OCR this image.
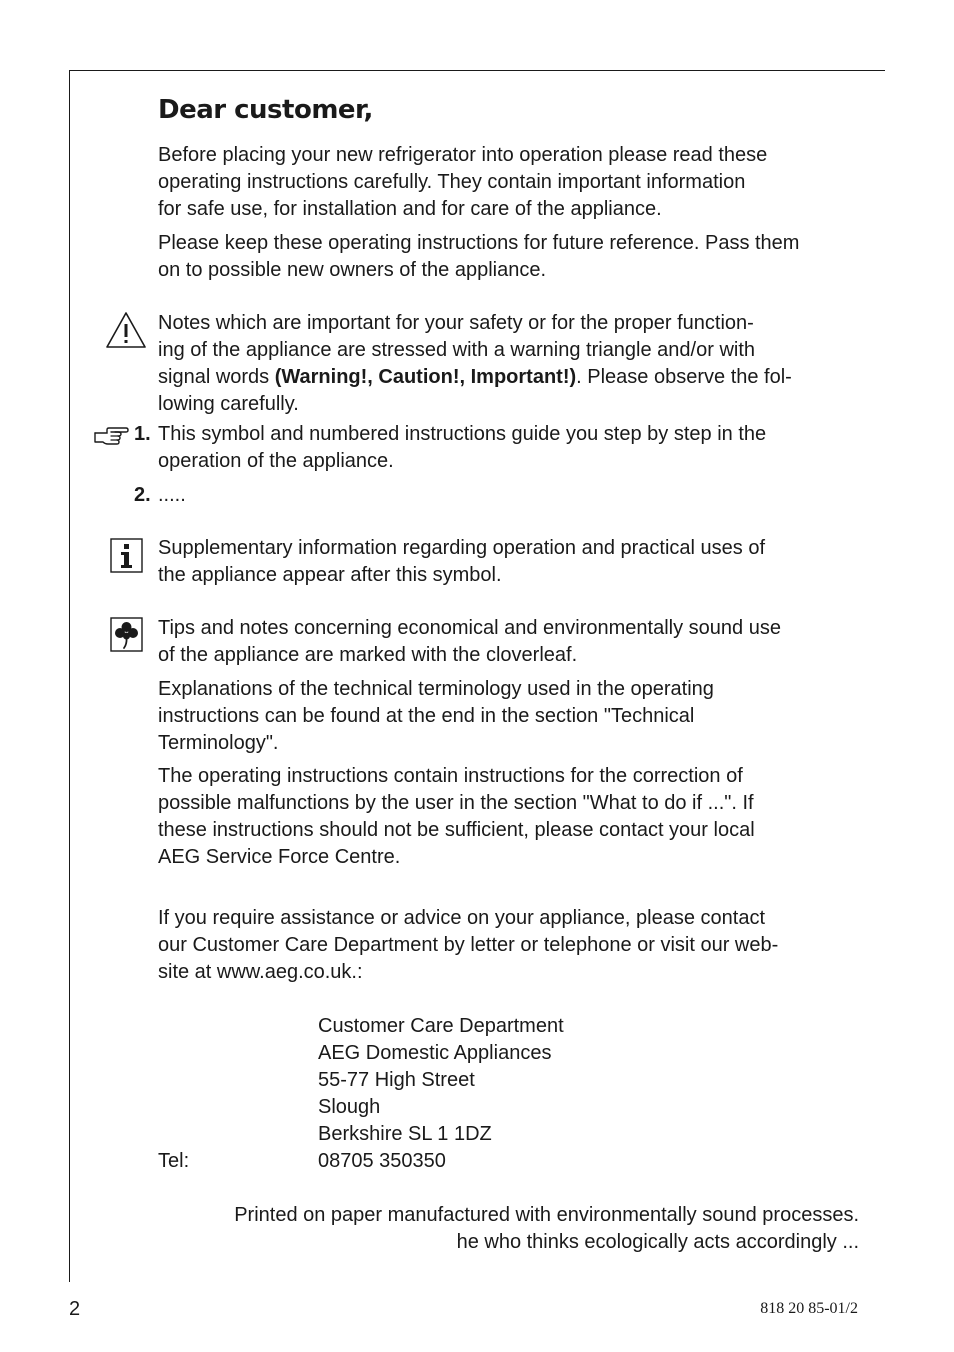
Dear customer,

Before placing your new refrigerator into operation please read these
operating instructions carefully. They contain important information
for safe use, for installation and for care of the appliance.

Please keep these operating instructions for future reference. Pass them
on to possible new owners of the appliance.

Notes which are important for your safety or for the proper function-
ing of the appliance are stressed with a warning triangle and/or with
signal words (Warning!, Caution!, Important!). Please observe the fol-
lowing carefully.

1. This symbol and numbered instructions guide you step by step in the
operation of the appliance.

2. .....

Supplementary information regarding operation and practical uses of
the appliance appear after this symbol.

Tips and notes concerning economical and environmentally sound use
of the appliance are marked with the cloverleaf.

Explanations of the technical terminology used in the operating
instructions can be found at the end in the section "Technical
Terminology".

The operating instructions contain instructions for the correction of
possible malfunctions by the user in the section "What to do if ...". If
these instructions should not be sufficient, please contact your local
AEG Service Force Centre.

If you require assistance or advice on your appliance, please contact
our Customer Care Department by letter or telephone or visit our web-
site at www.aeg.co.uk.:

Customer Care Department
AEG Domestic Appliances
55-77 High Street
Slough
Berkshire SL 1 1DZ
Tel:	08705 350350
Printed on paper manufactured with environmentally sound processes.
he who thinks ecologically acts accordingly ...
2	818 20 85-01/2
